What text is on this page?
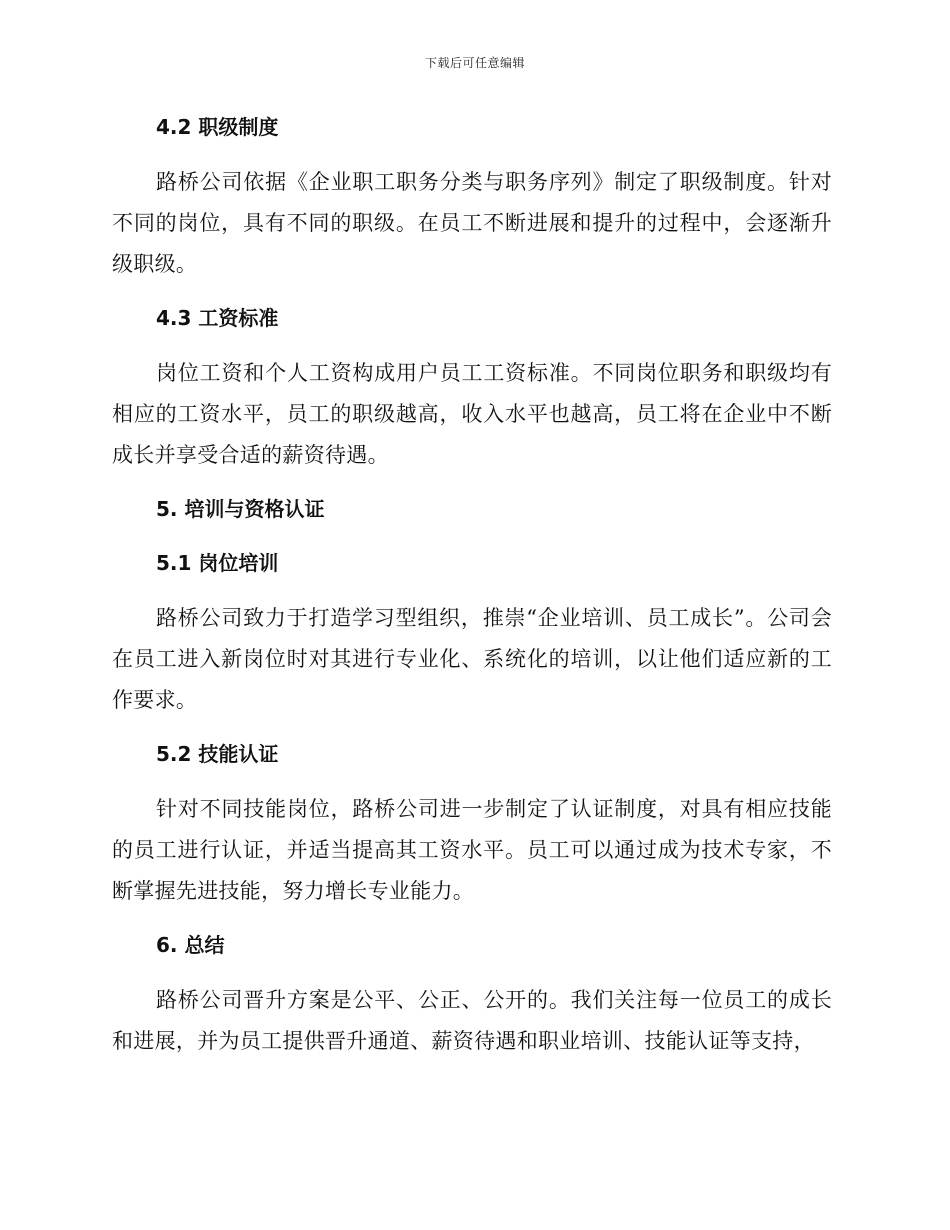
下载后可任意编辑
4.2 职级制度

路桥公司依据《企业职工职务分类与职务序列》制定了职级制度。针对不同的岗位，具有不同的职级。在员工不断进展和提升的过程中，会逐渐升级职级。

4.3 工资标准

岗位工资和个人工资构成用户员工工资标准。不同岗位职务和职级均有相应的工资水平，员工的职级越高，收入水平也越高，员工将在企业中不断成长并享受合适的薪资待遇。

5. 培训与资格认证
5.1 岗位培训

路桥公司致力于打造学习型组织，推崇“企业培训、员工成长”。公司会在员工进入新岗位时对其进行专业化、系统化的培训，以让他们适应新的工作要求。

5.2 技能认证

针对不同技能岗位，路桥公司进一步制定了认证制度，对具有相应技能的员工进行认证，并适当提高其工资水平。员工可以通过成为技术专家，不断掌握先进技能，努力增长专业能力。

6. 总结

路桥公司晋升方案是公平、公正、公开的。我们关注每一位员工的成长和进展，并为员工提供晋升通道、薪资待遇和职业培训、技能认证等支持，
